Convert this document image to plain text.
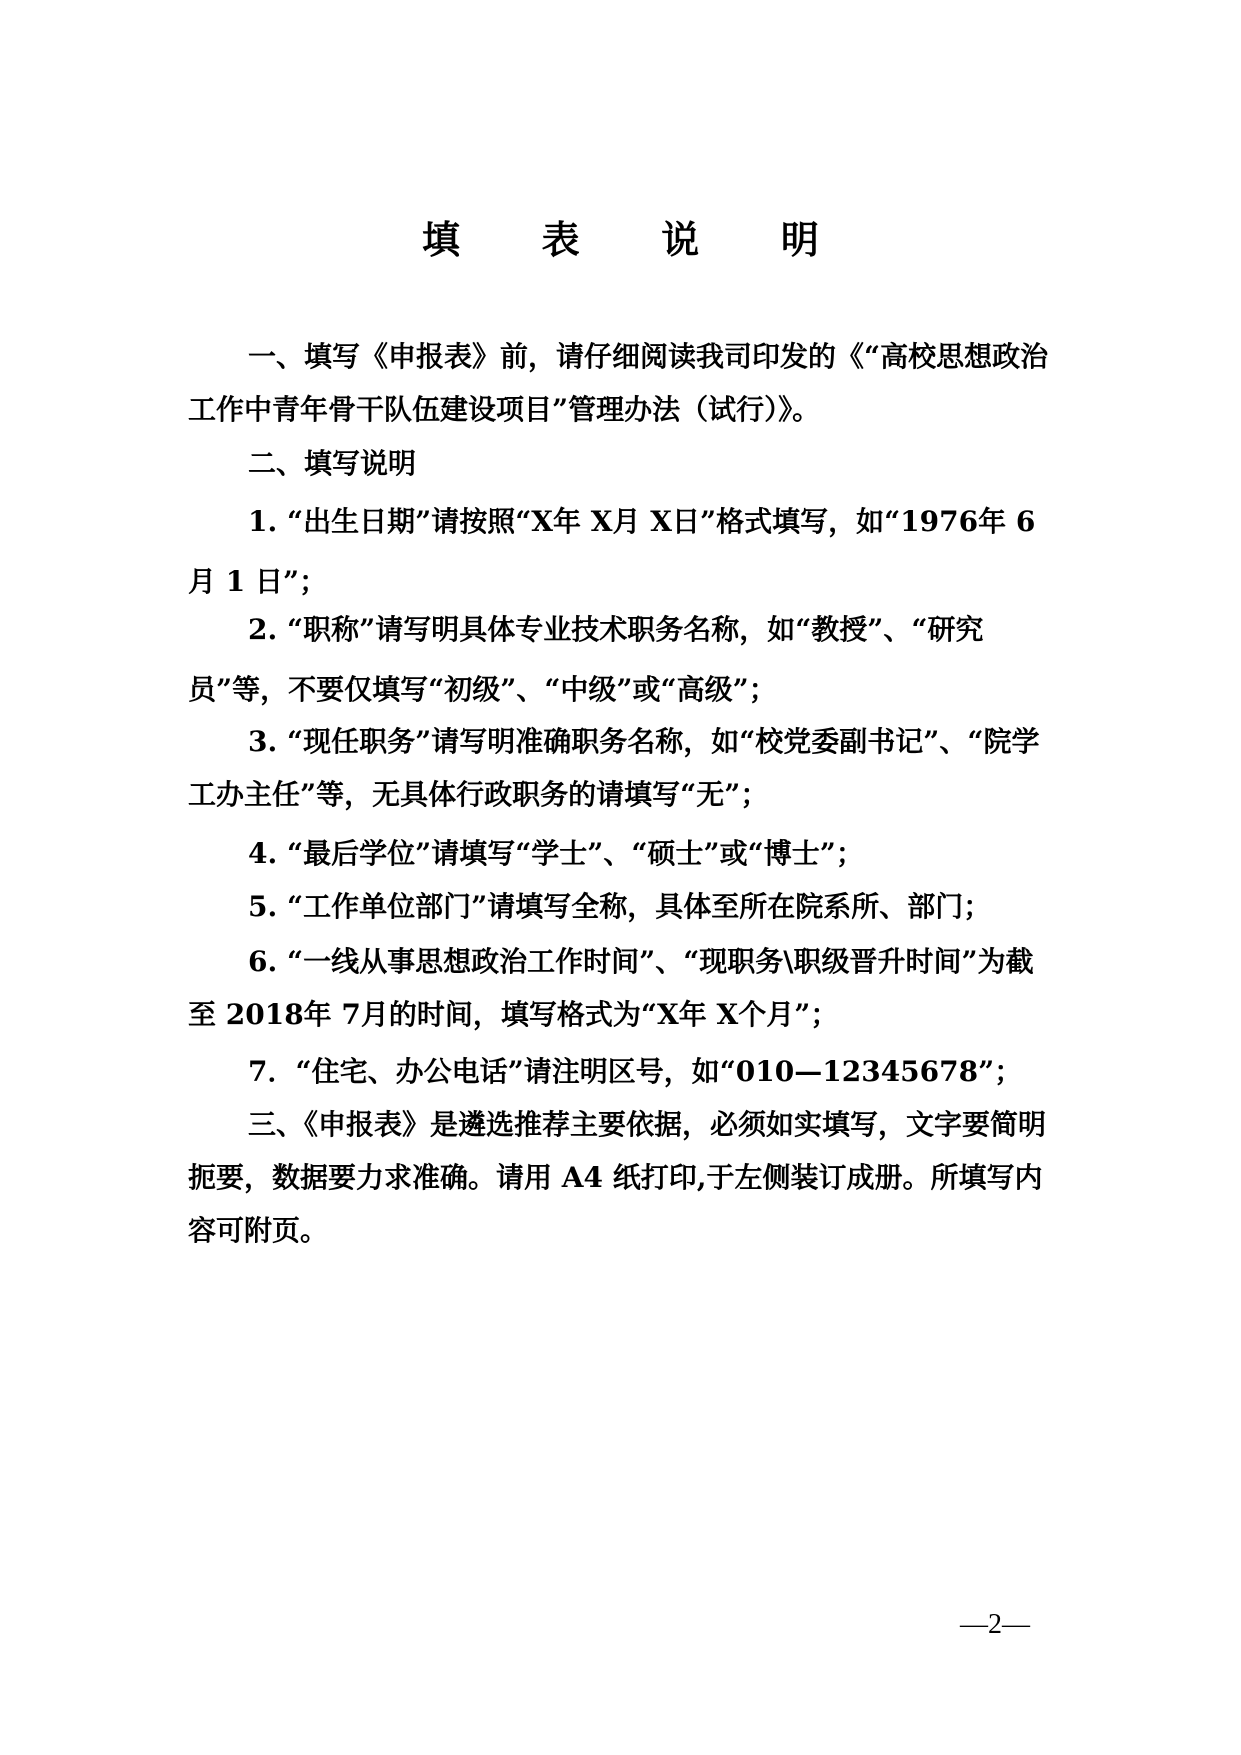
填 表 说 明

一、填写《申报表》前，请仔细阅读我司印发的《“高校思想政治工作中青年骨干队伍建设项目”管理办法（试行）》。

二、填写说明

1. “出生日期”请按照“X年 X月 X日”格式填写，如“1976年 6月 1 日”；

2. “职称”请写明具体专业技术职务名称，如“教授”、“研究员”等，不要仅填写“初级”、“中级”或“高级”；

3. “现任职务”请写明准确职务名称，如“校党委副书记”、“院学工办主任”等，无具体行政职务的请填写“无”；

4. “最后学位”请填写“学士”、“硕士”或“博士”；

5. “工作单位部门”请填写全称，具体至所在院系所、部门；

6. “一线从事思想政治工作时间”、“现职务\职级晋升时间”为截至 2018年 7月的时间，填写格式为“X年 X个月”；

7．“住宅、办公电话”请注明区号，如“010—12345678”；

三、《申报表》是遴选推荐主要依据，必须如实填写，文字要简明扼要，数据要力求准确。请用 A4 纸打印,于左侧装订成册。所填写内容可附页。

—2—
